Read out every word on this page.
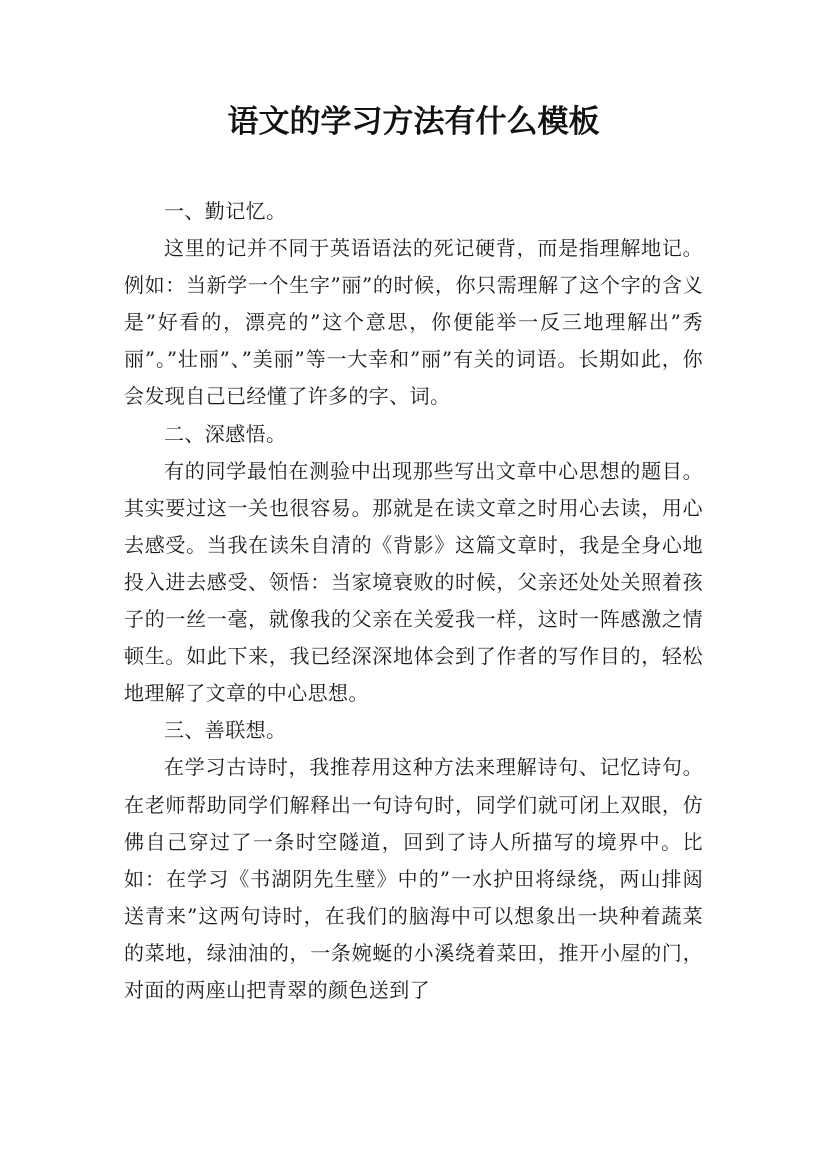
语文的学习方法有什么模板

一、勤记忆。

这里的记并不同于英语语法的死记硬背，而是指理解地记。例如：当新学一个生字”丽”的时候，你只需理解了这个字的含义是”好看的，漂亮的”这个意思，你便能举一反三地理解出”秀丽”。”壮丽”、”美丽”等一大幸和”丽”有关的词语。长期如此，你会发现自己已经懂了许多的字、词。

二、深感悟。

有的同学最怕在测验中出现那些写出文章中心思想的题目。其实要过这一关也很容易。那就是在读文章之时用心去读，用心去感受。当我在读朱自清的《背影》这篇文章时，我是全身心地投入进去感受、领悟：当家境衰败的时候，父亲还处处关照着孩子的一丝一毫，就像我的父亲在关爱我一样，这时一阵感激之情顿生。如此下来，我已经深深地体会到了作者的写作目的，轻松地理解了文章的中心思想。

三、善联想。

在学习古诗时，我推荐用这种方法来理解诗句、记忆诗句。在老师帮助同学们解释出一句诗句时，同学们就可闭上双眼，仿佛自己穿过了一条时空隧道，回到了诗人所描写的境界中。比如：在学习《书湖阴先生壁》中的”一水护田将绿绕，两山排闼送青来”这两句诗时，在我们的脑海中可以想象出一块种着蔬菜的菜地，绿油油的，一条婉蜒的小溪绕着菜田，推开小屋的门，对面的两座山把青翠的颜色送到了
